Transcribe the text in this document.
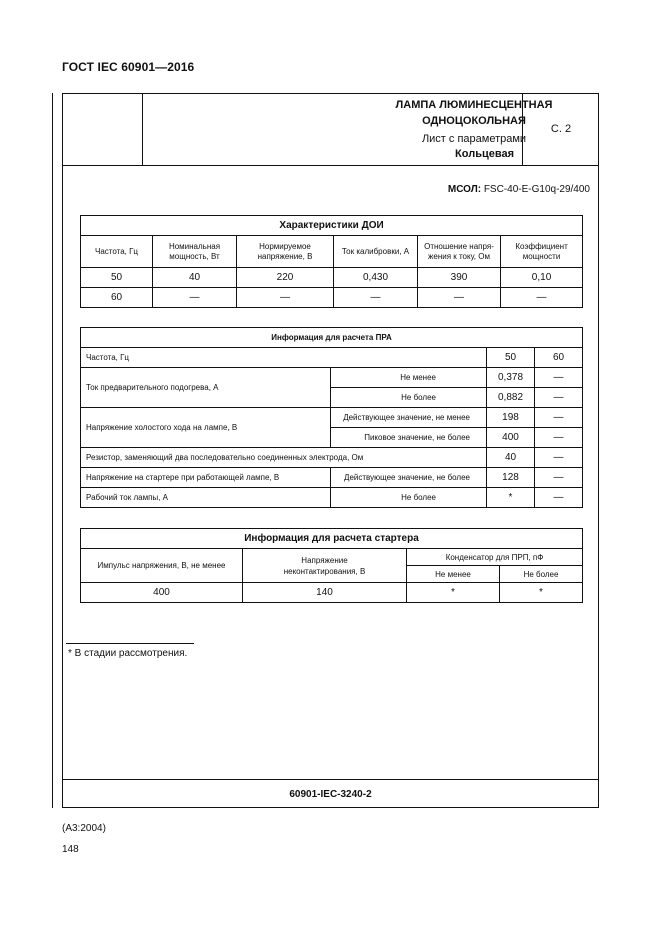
ГОСТ IEC 60901—2016
ЛАМПА ЛЮМИНЕСЦЕНТНАЯ
ОДНОЦОКОЛЬНАЯ
Лист с параметрами
Кольцевая
С. 2
МСОЛ: FSC-40-E-G10q-29/400
Характеристики ДОИ					
Частота, Гц	Номинальная мощность, Вт	Нормируемое напряжение, В	Ток калибровки, А	Отношение напря-жения к току, Ом	Коэффициент мощности
50	40	220	0,430	390	0,10
60	—	—	—	—	—
Информация для расчета ПРА			
Частота, Гц		50	60
Ток предварительного подогрева, А	Не менее	0,378	—
	Не более	0,882	—
Напряжение холостого хода на лампе, В	Действующее значение, не менее	198	—
	Пиковое значение, не более	400	—
Резистор, заменяющий два последовательно соединенных электрода, Ом		40	—
Напряжение на стартере при работающей лампе, В	Действующее значение, не более	128	—
Рабочий ток лампы, А	Не более	*	—
Информация для расчета стартера			
Импульс напряжения, В, не менее	Напряжение неконтактирования, В	Конденсатор для ПРП, пФ	
		Не менее	Не более
400	140	*	*
* В стадии рассмотрения.
60901-IEC-3240-2
(А3:2004)
148
